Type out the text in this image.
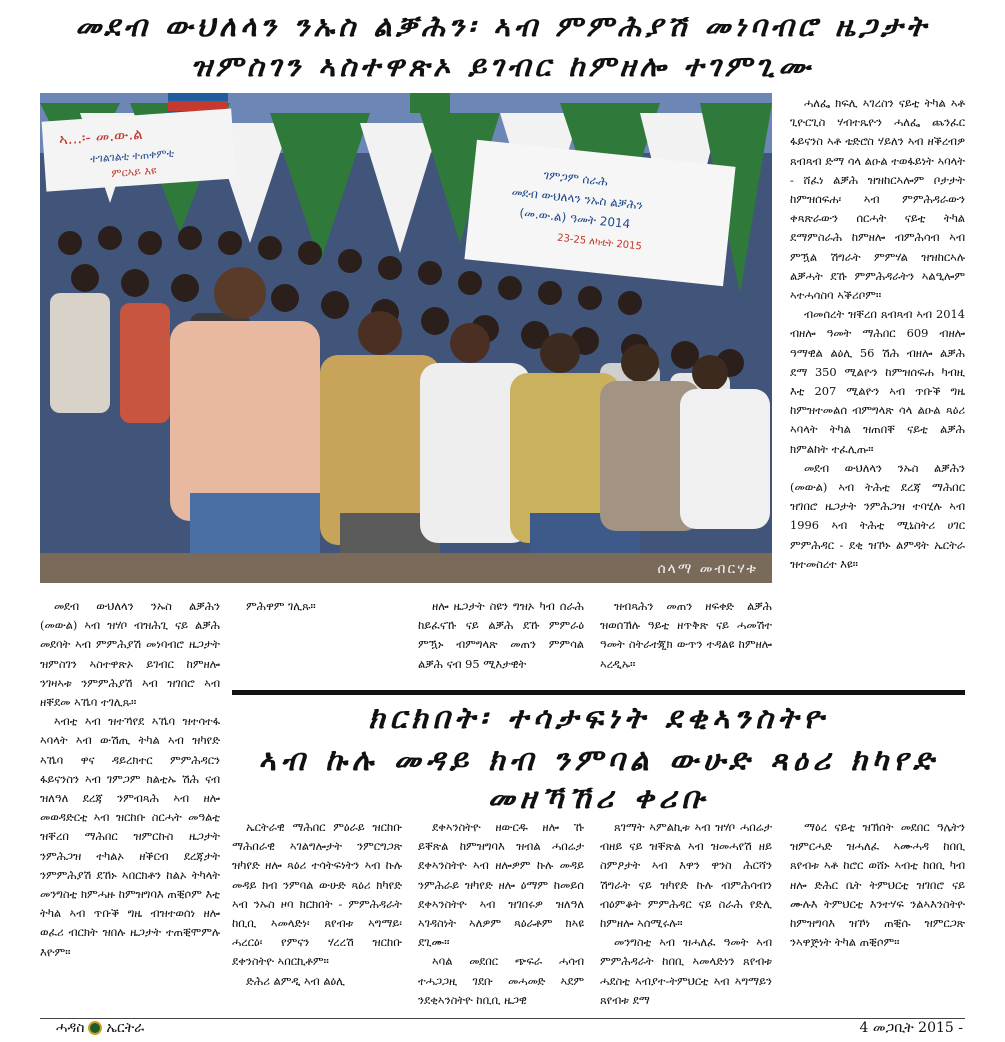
መደብ ውህለላን ንኡስ ልቓሕን፡ ኣብ ምምሕያሽ መነባብሮ ዜጋታት
ዝምስገን ኣስተዋጽኦ ይገብር ከምዘሎ ተገምጊሙ
ኣ...፡- መ.ው.ል
ተገልገልቲ ተጠቀምቲ
ምርኣይ እዩ	ገምጋም ሰራሕ
መደብ ውህለላን ንኡስ ልቓሕን
(መ.ው.ል) ዓመት 2014
23-25 ለካቲት 2015
ሰላማ መብርሃቱ

ሓለፌ ክፍሊ ኣገረስን ናይቲ ትካል ኣቶ ጊዮርጊስ ሃብተጼዮን ሓለፌ ጨንፈር ፋይናንስ ኣቶ ቴድሮስ ሃይለን ኣብ ዘቕረብዎ ጸብጻብ ድማ ሳላ ልዑል ተወፋይነት ኣባላት - ሸፈነ ልቓሕ ዝዝከርኣሎም ቦታታት ከምዝሰፍሐ፡ ኣብ ምምሕዳራውን ቀጻጽራውን ሰርሓት ናይቲ ትካል ደማምስራሕ ከምዘሎ ብምሕሳብ ኣብ ምዃል ሽግራት ምምሃል ዝዝከርኣሉ ልቓሓት ደኹ ምምሕዳራትን ኣልዒሎም ኣተሓሳስባ ኣቕሪቦም።

ብመሰረት ዝቐረበ ጸብጻብ ኣብ 2014 ብዘሎ ዓመት ማሕበር 609 ብዘሎ ዓማዊል ልዕሊ 56 ሽሕ ብዘሎ ልቓሕ ደማ 350 ሚልዮን ከምዝሰፍሐ ካብዚ እቲ 207 ሚልዮን ኣብ ጥቡቕ ግዜ ከምዝተመልሰ ብምግላጽ ሳላ ልዑል ጻዕሪ ኣባላት ትካል ዝጠበቐ ናይቲ ልቓሕ ክምልከት ተፈሊጡ።

መደብ ውህለላን ንኡስ ልቓሕን (መውል) ኣብ ትሕቲ ደረጃ ማሕበር ዝገበሮ ዜጋታት ንምሕጋዝ ተባሂሉ ኣብ 1996 ኣብ ትሕቲ ሚኒስትሪ ሀገር ምምሕዳር - ደቂ ዝኾኑ ልምዳት ኤርትራ ዝተመስረተ እዩ።

መደብ ውህለላን ንኡስ ልቓሕን (መውል) ኣብ ዝሃቦ ብዝሕጊ ናይ ልቓሕ መደባት ኣብ ምምሕያሽ መነባብሮ ዜጋታት ዝምስገን ኣስተዋጽኦ ይገብር ከምዘሎ ንገዛኣቱ ንምምሕያሽ ኣብ ዝገበሮ ኣብ ዘቐደመ ኣኼባ ተገሊጹ።

ኣብቲ ኣብ ዝተኻየደ ኣኼባ ዝተሳተፋ ኣባላት ኣብ ውሽጢ ትካል ኣብ ዝካየድ ኣኼባ ዋና ዳይረክተር ምምሕዳርን ፋይናንስን ኣብ ገምጋም ክልቲኡ ሽሕ ናብ ዝለዓለ ደረጃ ንምብጻሕ ኣብ ዘሎ መወዳድርቲ ኣብ ዝርከቡ ስርሓት መዓልቲ ዝቐረበ ማሕበር ዝምርኩስ ዜጋታት ንምሕጋዝ ተካልኦ ዘቕርብ ደረጃታት ንምምሕያሽ ደኸኑ ኣበርክቶን ከልኦ ትካላት መንግስቲ ክምሓዙ ከምዝግባእ ጠቒሶም እቲ ትካል ኣብ ጥቡቕ ግዜ ብዝተወሰነ ዘሎ ወፈሪ ብርክት ዝበሉ ዜጋታት ተጠቒሞምሉ እዮም።

ምሕዋም ገሊጹ።	ዘሎ ዜጋታት ስዩን ግዝኦ ካብ ሰራሕ ከይፈናኹ ናይ ልቓሕ ደኹ ምምራዕ ምዃኑ ብምግላጽ መጠን ምምሳል ልቓሕ ናብ 95 ሚእታዊት

ዝብጻሕን መጠን ዘፍቀድ ልቓሕ ዝወሰኽሉ ዓይቲ ዘጥቅጽ ናይ ሓመሽተ ዓመት ስትራተጂክ ውጥን ተዳልዩ ከምዘሎ ኣረዲኡ።

ክርክበት፡ ተሳታፍነት ደቂኣንስትዮ
ኣብ ኩሉ መዳይ ክብ ንምባል ውሁድ ጻዕሪ ክካየድ
መዘኻኸሪ ቀሪቡ

ኤርትራዊ ማሕበር ምዕራይ ዝርከቡ ማሕበራዊ ኣገልግሎታት ንምርግጋጽ ዝካየድ ዘሎ ጻዕሪ ተሳትፍነትን ኣብ ኩሉ መዳይ ክብ ንምባል ውሁድ ጻዕሪ ክካየድ ኣብ ንኡስ ዞባ ክርክበት - ምምሕዳራት ከቢቢ ኣመላድነ፡ ጸየብቱ ኣግማይ፡ ሓረርዕ፡ የምናን ሃረረሽ ዝርከቡ ደቀንስትዮ ኣበርኪቶም።

ድሕሪ ልምዲ ኣብ ልዕሊ

ደቀኣንስትዮ ዘውርዱ ዘሎ ኹ ይቐጽል ከምዝግባእ ዝብል ሓበሬታ ደቀኣንስትዮ ኣብ ዘሎዎም ኩሉ መዳይ ንምሕራይ ዝካየድ ዘሎ ዕማም ከመይሰ ደቀኣንስትዮ ኣብ ዝገበሩዎ ዝለዓለ ኣገዳስነት ኣለዎም ጻዕራቶም ክኣዩ ደጊሙ።

ኣባል መደበር ጭፍራ ሓሳብ ተሓጋጋዚ ገደቡ መሓመድ ኣደም ንደቂኣንስትዮ ከቢቢ ዜጋዊ

ጸገማት ኣምልኪቱ ኣብ ዝሃቦ ሓበሬታ ብዘይ ናይ ዝቐጽል ኣብ ዝመሓየሽ ዘይ ስምዖታት ኣብ እዋን ዋንስ ሕርሻን ሽግራት ናይ ዝካየድ ኩሉ ብምሕሳብን ብዕምቆት ምምሕዳር ናይ ስራሕ የድሊ ከምዘሎ ኣሰሚሩሉ።

መንግስቲ ኣብ ዝሓለፈ ዓመት ኣብ ምምሕዳራት ከበቢ ኣመላድነን ጸየብቱ ሓደስቲ ኣብያተ-ትምህርቲ ኣብ ኣግማይን ጸየብቱ ደማ

ማዕረ ናይቲ ዝኽሰት መደበር ዓሌትን ዝምርሓድ ዝሓለፈ ኣሙሓዳ ከበቢ ጸየብቱ ኣቶ ከሮር ወሸኑ ኣብቲ ከበቢ ካብ ዘሎ ድሕር ቤት ትምህርቲ ዝገበሮ ናይ ሙሉእ ትምህርቲ እንተሃፍ ንልኣእንስትዮ ከምዝግባእ ዝኾነ ጠቒሱ ዝምርጋጽ ንኣዋጅነት ትካል ጠቒሶም።

ሓዳስ ኤርትራ	4 መጋቢት 2015 -
